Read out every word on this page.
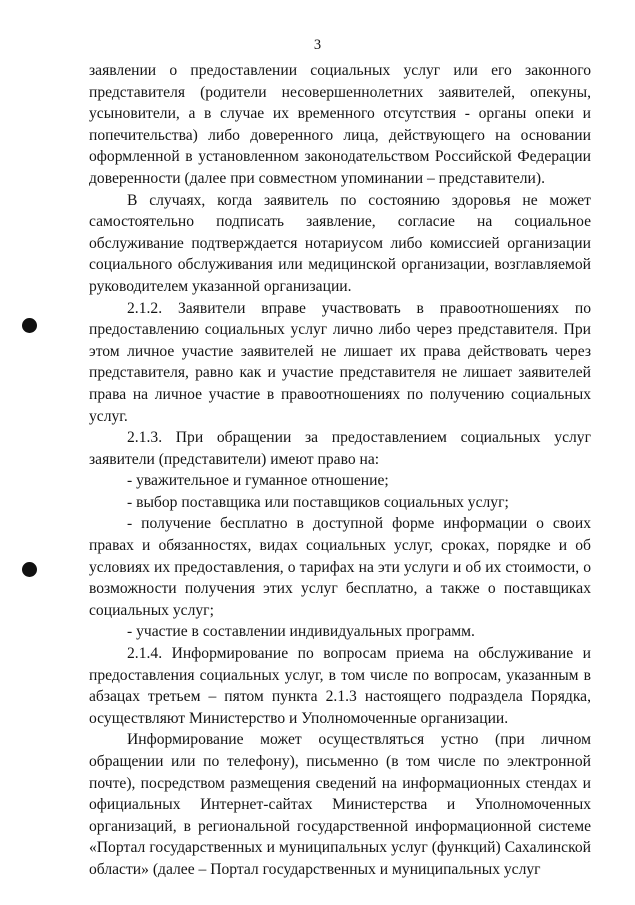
3

заявлении о предоставлении социальных услуг или его законного представителя (родители несовершеннолетних заявителей, опекуны, усыновители, а в случае их временного отсутствия - органы опеки и попечительства) либо доверенного лица, действующего на основании оформленной в установленном законодательством Российской Федерации доверенности (далее при совместном упоминании – представители).

В случаях, когда заявитель по состоянию здоровья не может самостоятельно подписать заявление, согласие на социальное обслуживание подтверждается нотариусом либо комиссией организации социального обслуживания или медицинской организации, возглавляемой руководителем указанной организации.

2.1.2. Заявители вправе участвовать в правоотношениях по предоставлению социальных услуг лично либо через представителя. При этом личное участие заявителей не лишает их права действовать через представителя, равно как и участие представителя не лишает заявителей права на личное участие в правоотношениях по получению социальных услуг.

2.1.3. При обращении за предоставлением социальных услуг заявители (представители) имеют право на:

- уважительное и гуманное отношение;

- выбор поставщика или поставщиков социальных услуг;

- получение бесплатно в доступной форме информации о своих правах и обязанностях, видах социальных услуг, сроках, порядке и об условиях их предоставления, о тарифах на эти услуги и об их стоимости, о возможности получения этих услуг бесплатно, а также о поставщиках социальных услуг;

- участие в составлении индивидуальных программ.

2.1.4. Информирование по вопросам приема на обслуживание и предоставления социальных услуг, в том числе по вопросам, указанным в абзацах третьем – пятом пункта 2.1.3 настоящего подраздела Порядка, осуществляют Министерство и Уполномоченные организации.

Информирование может осуществляться устно (при личном обращении или по телефону), письменно (в том числе по электронной почте), посредством размещения сведений на информационных стендах и официальных Интернет-сайтах Министерства и Уполномоченных организаций, в региональной государственной информационной системе «Портал государственных и муниципальных услуг (функций) Сахалинской области» (далее – Портал государственных и муниципальных услуг
